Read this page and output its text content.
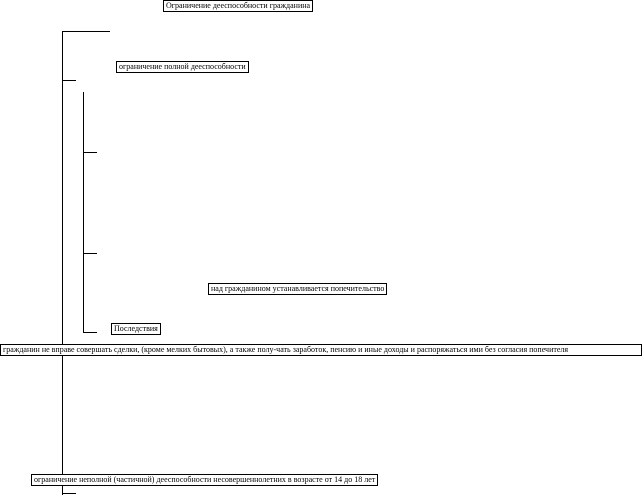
Ограничение дееспособности гражданина
ограничение полной дееспособности
над гражданином устанавливается попечительство
Последствия
гражданин не вправе совершать сделки, (кроме мелких бытовых), а также полу-чать заработок, пенсию и иные доходы и распоряжаться ими без согласия попечителя
ограничение неполной (частичной) дееспособности несовершеннолетних в возрасте от 14 до 18 лет
